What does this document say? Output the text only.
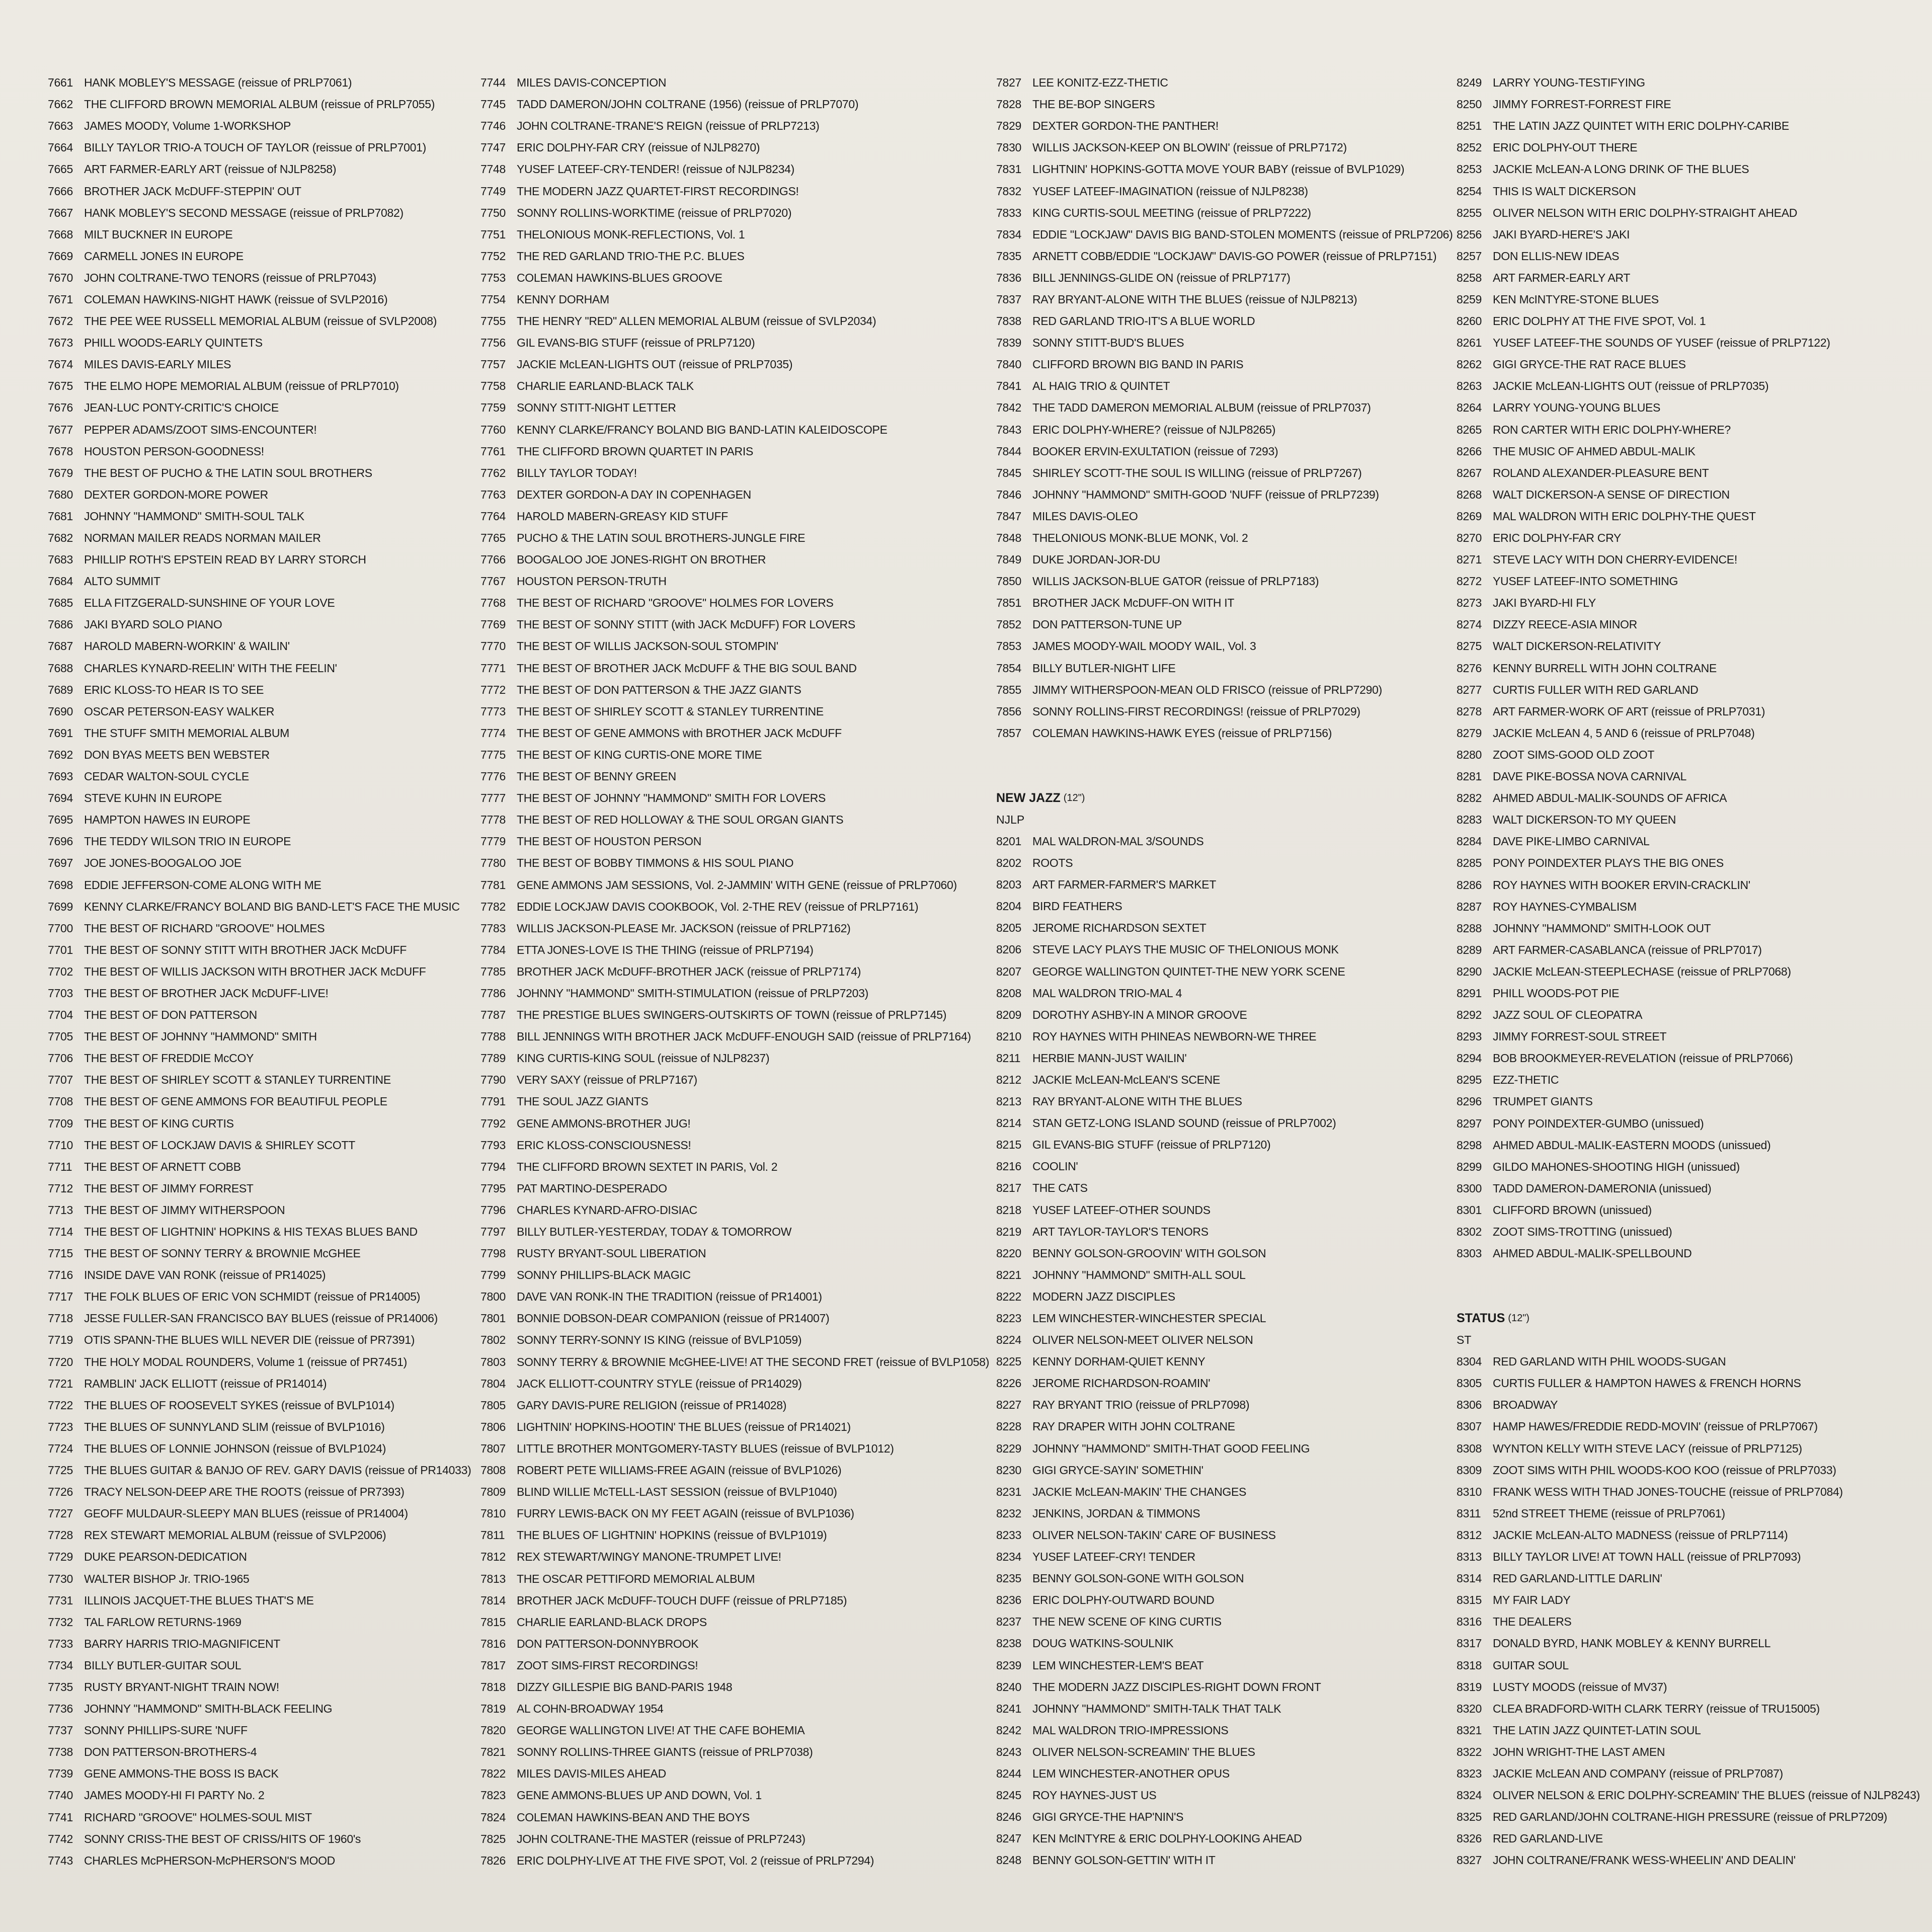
7661 HANK MOBLEY'S MESSAGE (reissue of PRLP7061)
7662 THE CLIFFORD BROWN MEMORIAL ALBUM (reissue of PRLP7055)
7663 JAMES MOODY, Volume 1-WORKSHOP
7664 BILLY TAYLOR TRIO-A TOUCH OF TAYLOR (reissue of PRLP7001)
7665 ART FARMER-EARLY ART (reissue of NJLP8258)
7666 BROTHER JACK McDUFF-STEPPIN' OUT
7667 HANK MOBLEY'S SECOND MESSAGE (reissue of PRLP7082)
7668 MILT BUCKNER IN EUROPE
7669 CARMELL JONES IN EUROPE
7670 JOHN COLTRANE-TWO TENORS (reissue of PRLP7043)
7671 COLEMAN HAWKINS-NIGHT HAWK (reissue of SVLP2016)
7672 THE PEE WEE RUSSELL MEMORIAL ALBUM (reissue of SVLP2008)
7673 PHILL WOODS-EARLY QUINTETS
7674 MILES DAVIS-EARLY MILES
7675 THE ELMO HOPE MEMORIAL ALBUM (reissue of PRLP7010)
7676 JEAN-LUC PONTY-CRITIC'S CHOICE
7677 PEPPER ADAMS/ZOOT SIMS-ENCOUNTER!
7678 HOUSTON PERSON-GOODNESS!
7679 THE BEST OF PUCHO & THE LATIN SOUL BROTHERS
7680 DEXTER GORDON-MORE POWER
7681 JOHNNY "HAMMOND" SMITH-SOUL TALK
7682 NORMAN MAILER READS NORMAN MAILER
7683 PHILLIP ROTH'S EPSTEIN READ BY LARRY STORCH
7684 ALTO SUMMIT
7685 ELLA FITZGERALD-SUNSHINE OF YOUR LOVE
7686 JAKI BYARD SOLO PIANO
7687 HAROLD MABERN-WORKIN' & WAILIN'
7688 CHARLES KYNARD-REELIN' WITH THE FEELIN'
7689 ERIC KLOSS-TO HEAR IS TO SEE
7690 OSCAR PETERSON-EASY WALKER
7691 THE STUFF SMITH MEMORIAL ALBUM
7692 DON BYAS MEETS BEN WEBSTER
7693 CEDAR WALTON-SOUL CYCLE
7694 STEVE KUHN IN EUROPE
7695 HAMPTON HAWES IN EUROPE
7696 THE TEDDY WILSON TRIO IN EUROPE
7697 JOE JONES-BOOGALOO JOE
7698 EDDIE JEFFERSON-COME ALONG WITH ME
7699 KENNY CLARKE/FRANCY BOLAND BIG BAND-LET'S FACE THE MUSIC
7700 THE BEST OF RICHARD "GROOVE" HOLMES
7701 THE BEST OF SONNY STITT WITH BROTHER JACK McDUFF
7702 THE BEST OF WILLIS JACKSON WITH BROTHER JACK McDUFF
7703 THE BEST OF BROTHER JACK McDUFF-LIVE!
7704 THE BEST OF DON PATTERSON
7705 THE BEST OF JOHNNY "HAMMOND" SMITH
7706 THE BEST OF FREDDIE McCOY
7707 THE BEST OF SHIRLEY SCOTT & STANLEY TURRENTINE
7708 THE BEST OF GENE AMMONS FOR BEAUTIFUL PEOPLE
7709 THE BEST OF KING CURTIS
7710 THE BEST OF LOCKJAW DAVIS & SHIRLEY SCOTT
7711	THE BEST OF ARNETT COBB
7712 THE BEST OF JIMMY FORREST
7713 THE BEST OF JIMMY WITHERSPOON
7714 THE BEST OF LIGHTNIN' HOPKINS & HIS TEXAS BLUES BAND
7715 THE BEST OF SONNY TERRY & BROWNIE McGHEE
7716 INSIDE DAVE VAN RONK (reissue of PR14025)
7717 THE FOLK BLUES OF ERIC VON SCHMIDT (reissue of PR14005)
7718 JESSE FULLER-SAN FRANCISCO BAY BLUES (reissue of PR14006)
7719 OTIS SPANN-THE BLUES WILL NEVER DIE (reissue of PR7391)
7720 THE HOLY MODAL ROUNDERS, Volume 1 (reissue of PR7451)
7721 RAMBLIN' JACK ELLIOTT (reissue of PR14014)
7722 THE BLUES OF ROOSEVELT SYKES (reissue of BVLP1014)
7723 THE BLUES OF SUNNYLAND SLIM (reissue of BVLP1016)
7724 THE BLUES OF LONNIE JOHNSON (reissue of BVLP1024)
7725 THE BLUES GUITAR & BANJO OF REV. GARY DAVIS (reissue of PR14033)
7726 TRACY NELSON-DEEP ARE THE ROOTS (reissue of PR7393)
7727 GEOFF MULDAUR-SLEEPY MAN BLUES (reissue of PR14004)
7728 REX STEWART MEMORIAL ALBUM (reissue of SVLP2006)
7729 DUKE PEARSON-DEDICATION
7730 WALTER BISHOP Jr. TRIO-1965
7731 ILLINOIS JACQUET-THE BLUES THAT'S ME
7732 TAL FARLOW RETURNS-1969
7733 BARRY HARRIS TRIO-MAGNIFICENT
7734 BILLY BUTLER-GUITAR SOUL
7735 RUSTY BRYANT-NIGHT TRAIN NOW!
7736 JOHNNY "HAMMOND" SMITH-BLACK FEELING
7737 SONNY PHILLIPS-SURE 'NUFF
7738 DON PATTERSON-BROTHERS-4
7739 GENE AMMONS-THE BOSS IS BACK
7740 JAMES MOODY-HI FI PARTY No. 2
7741 RICHARD "GROOVE" HOLMES-SOUL MIST
7742 SONNY CRISS-THE BEST OF CRISS/HITS OF 1960's
7743 CHARLES McPHERSON-McPHERSON'S MOOD
7744 MILES DAVIS-CONCEPTION
7745 TADD DAMERON/JOHN COLTRANE (1956) (reissue of PRLP7070)
7746 JOHN COLTRANE-TRANE'S REIGN (reissue of PRLP7213)
7747 ERIC DOLPHY-FAR CRY (reissue of NJLP8270)
7748 YUSEF LATEEF-CRY-TENDER! (reissue of NJLP8234)
7749 THE MODERN JAZZ QUARTET-FIRST RECORDINGS!
7750 SONNY ROLLINS-WORKTIME (reissue of PRLP7020)
7751 THELONIOUS MONK-REFLECTIONS, Vol. 1
7752 THE RED GARLAND TRIO-THE P.C. BLUES
7753 COLEMAN HAWKINS-BLUES GROOVE
7754 KENNY DORHAM
7755 THE HENRY "RED" ALLEN MEMORIAL ALBUM (reissue of SVLP2034)
7756 GIL EVANS-BIG STUFF (reissue of PRLP7120)
7757 JACKIE McLEAN-LIGHTS OUT (reissue of PRLP7035)
7758 CHARLIE EARLAND-BLACK TALK
7759 SONNY STITT-NIGHT LETTER
7760 KENNY CLARKE/FRANCY BOLAND BIG BAND-LATIN KALEIDOSCOPE
7761 THE CLIFFORD BROWN QUARTET IN PARIS
7762 BILLY TAYLOR TODAY!
7763 DEXTER GORDON-A DAY IN COPENHAGEN
7764 HAROLD MABERN-GREASY KID STUFF
7765 PUCHO & THE LATIN SOUL BROTHERS-JUNGLE FIRE
7766 BOOGALOO JOE JONES-RIGHT ON BROTHER
7767 HOUSTON PERSON-TRUTH
7768 THE BEST OF RICHARD "GROOVE" HOLMES FOR LOVERS
7769 THE BEST OF SONNY STITT (with JACK McDUFF) FOR LOVERS
7770 THE BEST OF WILLIS JACKSON-SOUL STOMPIN'
7771 THE BEST OF BROTHER JACK McDUFF & THE BIG SOUL BAND
7772 THE BEST OF DON PATTERSON & THE JAZZ GIANTS
7773 THE BEST OF SHIRLEY SCOTT & STANLEY TURRENTINE
7774 THE BEST OF GENE AMMONS with BROTHER JACK McDUFF
7775 THE BEST OF KING CURTIS-ONE MORE TIME
7776 THE BEST OF BENNY GREEN
7777 THE BEST OF JOHNNY "HAMMOND" SMITH FOR LOVERS
7778 THE BEST OF RED HOLLOWAY & THE SOUL ORGAN GIANTS
7779 THE BEST OF HOUSTON PERSON
7780 THE BEST OF BOBBY TIMMONS & HIS SOUL PIANO
7781 GENE AMMONS JAM SESSIONS, Vol. 2-JAMMIN' WITH GENE (reissue of PRLP7060)
7782 EDDIE LOCKJAW DAVIS COOKBOOK, Vol. 2-THE REV (reissue of PRLP7161)
7783 WILLIS JACKSON-PLEASE Mr. JACKSON (reissue of PRLP7162)
7784 ETTA JONES-LOVE IS THE THING (reissue of PRLP7194)
7785 BROTHER JACK McDUFF-BROTHER JACK (reissue of PRLP7174)
7786 JOHNNY "HAMMOND" SMITH-STIMULATION (reissue of PRLP7203)
7787 THE PRESTIGE BLUES SWINGERS-OUTSKIRTS OF TOWN (reissue of PRLP7145)
7788 BILL JENNINGS WITH BROTHER JACK McDUFF-ENOUGH SAID (reissue of PRLP7164)
7789 KING CURTIS-KING SOUL (reissue of NJLP8237)
7790 VERY SAXY (reissue of PRLP7167)
7791 THE SOUL JAZZ GIANTS
7792 GENE AMMONS-BROTHER JUG!
7793 ERIC KLOSS-CONSCIOUSNESS!
7794 THE CLIFFORD BROWN SEXTET IN PARIS, Vol. 2
7795 PAT MARTINO-DESPERADO
7796 CHARLES KYNARD-AFRO-DISIAC
7797 BILLY BUTLER-YESTERDAY, TODAY & TOMORROW
7798 RUSTY BRYANT-SOUL LIBERATION
7799 SONNY PHILLIPS-BLACK MAGIC
7800 DAVE VAN RONK-IN THE TRADITION (reissue of PR14001)
7801 BONNIE DOBSON-DEAR COMPANION (reissue of PR14007)
7802 SONNY TERRY-SONNY IS KING (reissue of BVLP1059)
7803 SONNY TERRY & BROWNIE McGHEE-LIVE! AT THE SECOND FRET (reissue of BVLP1058)
7804 JACK ELLIOTT-COUNTRY STYLE (reissue of PR14029)
7805 GARY DAVIS-PURE RELIGION (reissue of PR14028)
7806 LIGHTNIN' HOPKINS-HOOTIN' THE BLUES (reissue of PR14021)
7807 LITTLE BROTHER MONTGOMERY-TASTY BLUES (reissue of BVLP1012)
7808 ROBERT PETE WILLIAMS-FREE AGAIN (reissue of BVLP1026)
7809 BLIND WILLIE McTELL-LAST SESSION (reissue of BVLP1040)
7810 FURRY LEWIS-BACK ON MY FEET AGAIN (reissue of BVLP1036)
7811	THE BLUES OF LIGHTNIN' HOPKINS (reissue of BVLP1019)
7812 REX STEWART/WINGY MANONE-TRUMPET LIVE!
7813 THE OSCAR PETTIFORD MEMORIAL ALBUM
7814 BROTHER JACK McDUFF-TOUCH DUFF (reissue of PRLP7185)
7815 CHARLIE EARLAND-BLACK DROPS
7816 DON PATTERSON-DONNYBROOK
7817 ZOOT SIMS-FIRST RECORDINGS!
7818 DIZZY GILLESPIE BIG BAND-PARIS 1948
7819 AL COHN-BROADWAY 1954
7820 GEORGE WALLINGTON LIVE! AT THE CAFE BOHEMIA
7821 SONNY ROLLINS-THREE GIANTS (reissue of PRLP7038)
7822 MILES DAVIS-MILES AHEAD
7823 GENE AMMONS-BLUES UP AND DOWN, Vol. 1
7824 COLEMAN HAWKINS-BEAN AND THE BOYS
7825 JOHN COLTRANE-THE MASTER (reissue of PRLP7243)
7826 ERIC DOLPHY-LIVE AT THE FIVE SPOT, Vol. 2 (reissue of PRLP7294)
7827 LEE KONITZ-EZZ-THETIC
7828 THE BE-BOP SINGERS
7829 DEXTER GORDON-THE PANTHER!
7830 WILLIS JACKSON-KEEP ON BLOWIN' (reissue of PRLP7172)
7831 LIGHTNIN' HOPKINS-GOTTA MOVE YOUR BABY (reissue of BVLP1029)
7832 YUSEF LATEEF-IMAGINATION (reissue of NJLP8238)
7833 KING CURTIS-SOUL MEETING (reissue of PRLP7222)
7834 EDDIE "LOCKJAW" DAVIS BIG BAND-STOLEN MOMENTS (reissue of PRLP7206)
7835 ARNETT COBB/EDDIE "LOCKJAW" DAVIS-GO POWER (reissue of PRLP7151)
7836 BILL JENNINGS-GLIDE ON (reissue of PRLP7177)
7837 RAY BRYANT-ALONE WITH THE BLUES (reissue of NJLP8213)
7838 RED GARLAND TRIO-IT'S A BLUE WORLD
7839 SONNY STITT-BUD'S BLUES
7840 CLIFFORD BROWN BIG BAND IN PARIS
7841 AL HAIG TRIO & QUINTET
7842 THE TADD DAMERON MEMORIAL ALBUM (reissue of PRLP7037)
7843 ERIC DOLPHY-WHERE? (reissue of NJLP8265)
7844 BOOKER ERVIN-EXULTATION (reissue of 7293)
7845 SHIRLEY SCOTT-THE SOUL IS WILLING (reissue of PRLP7267)
7846 JOHNNY "HAMMOND" SMITH-GOOD 'NUFF (reissue of PRLP7239)
7847 MILES DAVIS-OLEO
7848 THELONIOUS MONK-BLUE MONK, Vol. 2
7849 DUKE JORDAN-JOR-DU
7850 WILLIS JACKSON-BLUE GATOR (reissue of PRLP7183)
7851 BROTHER JACK McDUFF-ON WITH IT
7852 DON PATTERSON-TUNE UP
7853 JAMES MOODY-WAIL MOODY WAIL, Vol. 3
7854 BILLY BUTLER-NIGHT LIFE
7855 JIMMY WITHERSPOON-MEAN OLD FRISCO (reissue of PRLP7290)
7856 SONNY ROLLINS-FIRST RECORDINGS! (reissue of PRLP7029)
7857 COLEMAN HAWKINS-HAWK EYES (reissue of PRLP7156)
NEW JAZZ (12")
NJLP
8201 MAL WALDRON-MAL 3/SOUNDS
8202 ROOTS
8203 ART FARMER-FARMER'S MARKET
8204 BIRD FEATHERS
8205 JEROME RICHARDSON SEXTET
8206 STEVE LACY PLAYS THE MUSIC OF THELONIOUS MONK
8207 GEORGE WALLINGTON QUINTET-THE NEW YORK SCENE
8208 MAL WALDRON TRIO-MAL 4
8209 DOROTHY ASHBY-IN A MINOR GROOVE
8210 ROY HAYNES WITH PHINEAS NEWBORN-WE THREE
8211	HERBIE MANN-JUST WAILIN'
8212 JACKIE McLEAN-McLEAN'S SCENE
8213 RAY BRYANT-ALONE WITH THE BLUES
8214 STAN GETZ-LONG ISLAND SOUND (reissue of PRLP7002)
8215 GIL EVANS-BIG STUFF (reissue of PRLP7120)
8216 COOLIN'
8217 THE CATS
8218 YUSEF LATEEF-OTHER SOUNDS
8219 ART TAYLOR-TAYLOR'S TENORS
8220 BENNY GOLSON-GROOVIN' WITH GOLSON
8221 JOHNNY "HAMMOND" SMITH-ALL SOUL
8222 MODERN JAZZ DISCIPLES
8223 LEM WINCHESTER-WINCHESTER SPECIAL
8224 OLIVER NELSON-MEET OLIVER NELSON
8225 KENNY DORHAM-QUIET KENNY
8226 JEROME RICHARDSON-ROAMIN'
8227 RAY BRYANT TRIO (reissue of PRLP7098)
8228 RAY DRAPER WITH JOHN COLTRANE
8229 JOHNNY "HAMMOND" SMITH-THAT GOOD FEELING
8230 GIGI GRYCE-SAYIN' SOMETHIN'
8231 JACKIE McLEAN-MAKIN' THE CHANGES
8232 JENKINS, JORDAN & TIMMONS
8233 OLIVER NELSON-TAKIN' CARE OF BUSINESS
8234 YUSEF LATEEF-CRY! TENDER
8235 BENNY GOLSON-GONE WITH GOLSON
8236 ERIC DOLPHY-OUTWARD BOUND
8237 THE NEW SCENE OF KING CURTIS
8238 DOUG WATKINS-SOULNIK
8239 LEM WINCHESTER-LEM'S BEAT
8240 THE MODERN JAZZ DISCIPLES-RIGHT DOWN FRONT
8241 JOHNNY "HAMMOND" SMITH-TALK THAT TALK
8242 MAL WALDRON TRIO-IMPRESSIONS
8243 OLIVER NELSON-SCREAMIN' THE BLUES
8244 LEM WINCHESTER-ANOTHER OPUS
8245 ROY HAYNES-JUST US
8246 GIGI GRYCE-THE HAP'NIN'S
8247 KEN McINTYRE & ERIC DOLPHY-LOOKING AHEAD
8248 BENNY GOLSON-GETTIN' WITH IT
8249 LARRY YOUNG-TESTIFYING
8250 JIMMY FORREST-FORREST FIRE
8251 THE LATIN JAZZ QUINTET WITH ERIC DOLPHY-CARIBE
8252 ERIC DOLPHY-OUT THERE
8253 JACKIE McLEAN-A LONG DRINK OF THE BLUES
8254 THIS IS WALT DICKERSON
8255 OLIVER NELSON WITH ERIC DOLPHY-STRAIGHT AHEAD
8256 JAKI BYARD-HERE'S JAKI
8257 DON ELLIS-NEW IDEAS
8258 ART FARMER-EARLY ART
8259 KEN McINTYRE-STONE BLUES
8260 ERIC DOLPHY AT THE FIVE SPOT, Vol. 1
8261 YUSEF LATEEF-THE SOUNDS OF YUSEF (reissue of PRLP7122)
8262 GIGI GRYCE-THE RAT RACE BLUES
8263 JACKIE McLEAN-LIGHTS OUT (reissue of PRLP7035)
8264 LARRY YOUNG-YOUNG BLUES
8265 RON CARTER WITH ERIC DOLPHY-WHERE?
8266 THE MUSIC OF AHMED ABDUL-MALIK
8267 ROLAND ALEXANDER-PLEASURE BENT
8268 WALT DICKERSON-A SENSE OF DIRECTION
8269 MAL WALDRON WITH ERIC DOLPHY-THE QUEST
8270 ERIC DOLPHY-FAR CRY
8271 STEVE LACY WITH DON CHERRY-EVIDENCE!
8272 YUSEF LATEEF-INTO SOMETHING
8273 JAKI BYARD-HI FLY
8274 DIZZY REECE-ASIA MINOR
8275 WALT DICKERSON-RELATIVITY
8276 KENNY BURRELL WITH JOHN COLTRANE
8277 CURTIS FULLER WITH RED GARLAND
8278 ART FARMER-WORK OF ART (reissue of PRLP7031)
8279 JACKIE McLEAN 4, 5 AND 6 (reissue of PRLP7048)
8280 ZOOT SIMS-GOOD OLD ZOOT
8281 DAVE PIKE-BOSSA NOVA CARNIVAL
8282 AHMED ABDUL-MALIK-SOUNDS OF AFRICA
8283 WALT DICKERSON-TO MY QUEEN
8284 DAVE PIKE-LIMBO CARNIVAL
8285 PONY POINDEXTER PLAYS THE BIG ONES
8286 ROY HAYNES WITH BOOKER ERVIN-CRACKLIN'
8287 ROY HAYNES-CYMBALISM
8288 JOHNNY "HAMMOND" SMITH-LOOK OUT
8289 ART FARMER-CASABLANCA (reissue of PRLP7017)
8290 JACKIE McLEAN-STEEPLECHASE (reissue of PRLP7068)
8291 PHILL WOODS-POT PIE
8292 JAZZ SOUL OF CLEOPATRA
8293 JIMMY FORREST-SOUL STREET
8294 BOB BROOKMEYER-REVELATION (reissue of PRLP7066)
8295 EZZ-THETIC
8296 TRUMPET GIANTS
8297 PONY POINDEXTER-GUMBO (unissued)
8298 AHMED ABDUL-MALIK-EASTERN MOODS (unissued)
8299 GILDO MAHONES-SHOOTING HIGH (unissued)
8300 TADD DAMERON-DAMERONIA (unissued)
8301 CLIFFORD BROWN (unissued)
8302 ZOOT SIMS-TROTTING (unissued)
8303 AHMED ABDUL-MALIK-SPELLBOUND
STATUS (12")
ST
8304 RED GARLAND WITH PHIL WOODS-SUGAN
8305 CURTIS FULLER & HAMPTON HAWES & FRENCH HORNS
8306 BROADWAY
8307 HAMP HAWES/FREDDIE REDD-MOVIN' (reissue of PRLP7067)
8308 WYNTON KELLY WITH STEVE LACY (reissue of PRLP7125)
8309 ZOOT SIMS WITH PHIL WOODS-KOO KOO (reissue of PRLP7033)
8310 FRANK WESS WITH THAD JONES-TOUCHE (reissue of PRLP7084)
8311	52nd STREET THEME (reissue of PRLP7061)
8312 JACKIE McLEAN-ALTO MADNESS (reissue of PRLP7114)
8313 BILLY TAYLOR LIVE! AT TOWN HALL (reissue of PRLP7093)
8314 RED GARLAND-LITTLE DARLIN'
8315 MY FAIR LADY
8316 THE DEALERS
8317 DONALD BYRD, HANK MOBLEY & KENNY BURRELL
8318 GUITAR SOUL
8319 LUSTY MOODS (reissue of MV37)
8320 CLEA BRADFORD-WITH CLARK TERRY (reissue of TRU15005)
8321 THE LATIN JAZZ QUINTET-LATIN SOUL
8322 JOHN WRIGHT-THE LAST AMEN
8323 JACKIE McLEAN AND COMPANY (reissue of PRLP7087)
8324 OLIVER NELSON & ERIC DOLPHY-SCREAMIN' THE BLUES (reissue of NJLP8243)
8325 RED GARLAND/JOHN COLTRANE-HIGH PRESSURE (reissue of PRLP7209)
8326 RED GARLAND-LIVE
8327 JOHN COLTRANE/FRANK WESS-WHEELIN' AND DEALIN'
